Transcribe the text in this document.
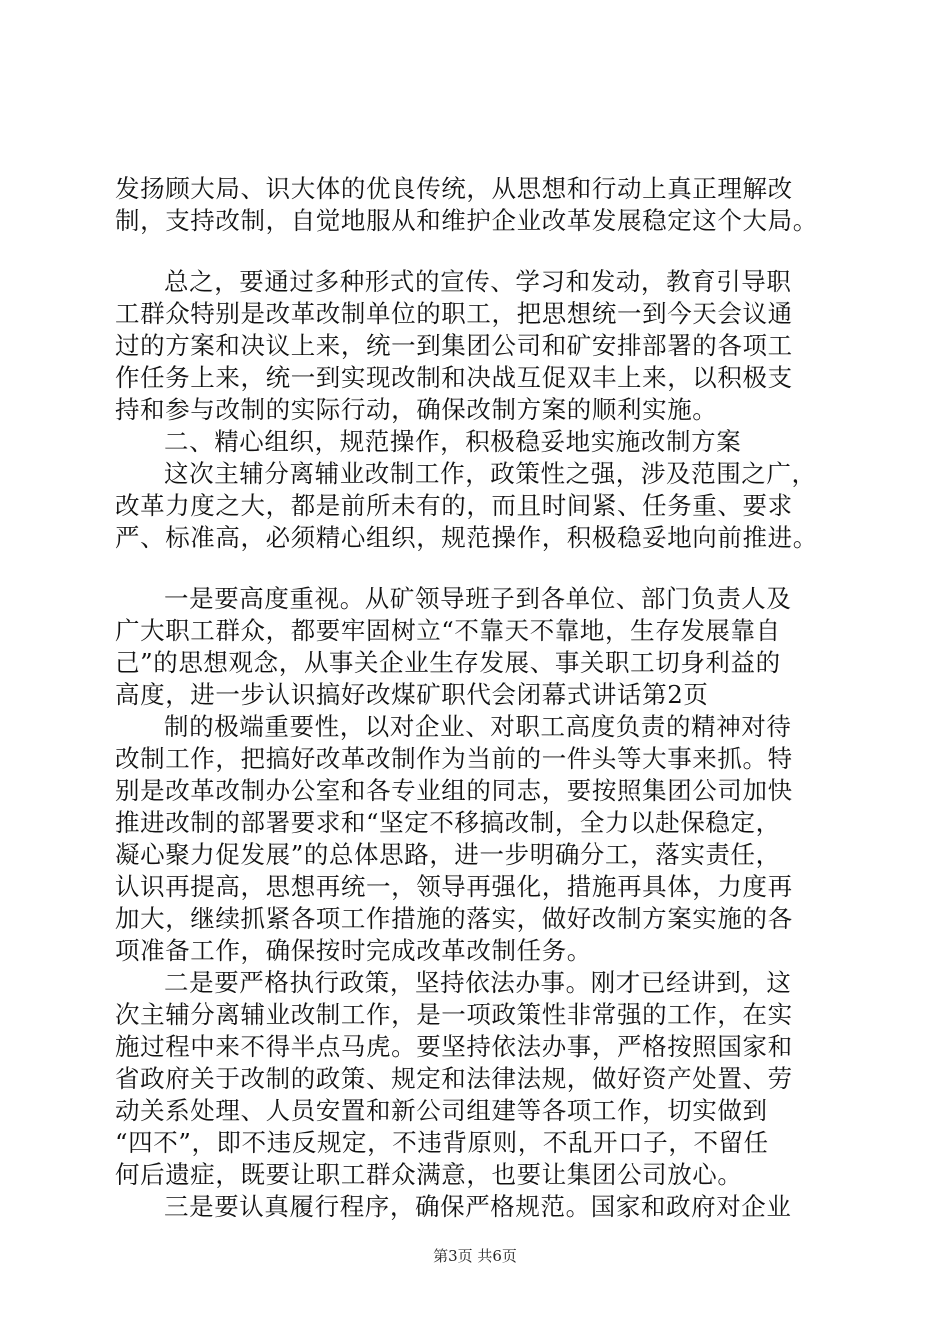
发扬顾大局、识大体的优良传统，从思想和行动上真正理解改
制，支持改制，自觉地服从和维护企业改革发展稳定这个大局。
总之，要通过多种形式的宣传、学习和发动，教育引导职
工群众特别是改革改制单位的职工，把思想统一到今天会议通
过的方案和决议上来，统一到集团公司和矿安排部署的各项工
作任务上来，统一到实现改制和决战互促双丰上来，以积极支
持和参与改制的实际行动，确保改制方案的顺利实施。
二、精心组织，规范操作，积极稳妥地实施改制方案
这次主辅分离辅业改制工作，政策性之强，涉及范围之广，
改革力度之大，都是前所未有的，而且时间紧、任务重、要求
严、标准高，必须精心组织，规范操作，积极稳妥地向前推进。
一是要高度重视。从矿领导班子到各单位、部门负责人及
广大职工群众，都要牢固树立“不靠天不靠地，生存发展靠自
己”的思想观念，从事关企业生存发展、事关职工切身利益的
高度，进一步认识搞好改煤矿职代会闭幕式讲话第2页
制的极端重要性，以对企业、对职工高度负责的精神对待
改制工作，把搞好改革改制作为当前的一件头等大事来抓。特
别是改革改制办公室和各专业组的同志，要按照集团公司加快
推进改制的部署要求和“坚定不移搞改制，全力以赴保稳定，
凝心聚力促发展”的总体思路，进一步明确分工，落实责任，
认识再提高，思想再统一，领导再强化，措施再具体，力度再
加大，继续抓紧各项工作措施的落实，做好改制方案实施的各
项准备工作，确保按时完成改革改制任务。
二是要严格执行政策，坚持依法办事。刚才已经讲到，这
次主辅分离辅业改制工作，是一项政策性非常强的工作，在实
施过程中来不得半点马虎。要坚持依法办事，严格按照国家和
省政府关于改制的政策、规定和法律法规，做好资产处置、劳
动关系处理、人员安置和新公司组建等各项工作，切实做到
“四不”，即不违反规定，不违背原则，不乱开口子，不留任
何后遗症，既要让职工群众满意，也要让集团公司放心。
三是要认真履行程序，确保严格规范。国家和政府对企业
第3页 共6页
